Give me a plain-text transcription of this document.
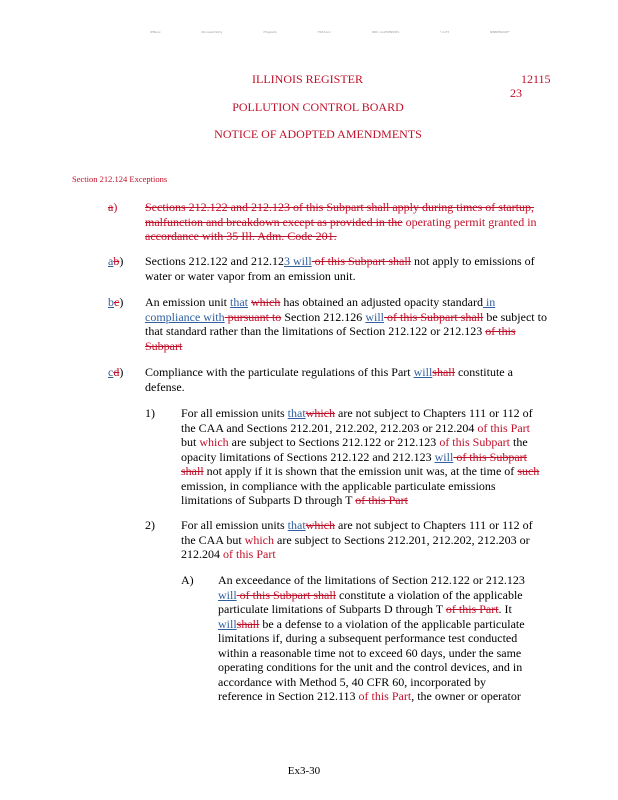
IPMaxx	IRnoaakmbrty	iTbgzadx	iTbTAxnn	IRRI. LvAHMNMOS	"-nnTt	IRNMfIRIANT"
ILLINOIS REGISTER	12115
23
POLLUTION CONTROL BOARD
NOTICE OF ADOPTED AMENDMENTS
Section 212.124 Exceptions
a) Sections 212.122 and 212.123 of this Subpart shall apply during times of startup,
malfunction and breakdown except as provided in the operating permit granted in
accordance with 35 Ill. Adm. Code 201.
ab) Sections 212.122 and 212.123 will of this Subpart shall not apply to emissions of
water or water vapor from an emission unit.
bc) An emission unit that which has obtained an adjusted opacity standard in
compliance with pursuant to Section 212.126 will of this Subpart shall be subject to
that standard rather than the limitations of Section 212.122 or 212.123 of this
Subpart
cd) Compliance with the particulate regulations of this Part willshall constitute a
defense.
1) For all emission units thatwhich are not subject to Chapters 111 or 112 of
the CAA and Sections 212.201, 212.202, 212.203 or 212.204 of this Part
but which are subject to Sections 212.122 or 212.123 of this Subpart the
opacity limitations of Sections 212.122 and 212.123 will of this Subpart
shall not apply if it is shown that the emission unit was, at the time of such
emission, in compliance with the applicable particulate emissions
limitations of Subparts D through T of this Part
2) For all emission units thatwhich are not subject to Chapters 111 or 112 of
the CAA but which are subject to Sections 212.201, 212.202, 212.203 or
212.204 of this Part
A) An exceedance of the limitations of Section 212.122 or 212.123
will of this Subpart shall constitute a violation of the applicable
particulate limitations of Subparts D through T of this Part. It
willshall be a defense to a violation of the applicable particulate
limitations if, during a subsequent performance test conducted
within a reasonable time not to exceed 60 days, under the same
operating conditions for the unit and the control devices, and in
accordance with Method 5, 40 CFR 60, incorporated by
reference in Section 212.113 of this Part, the owner or operator
Ex3-30
